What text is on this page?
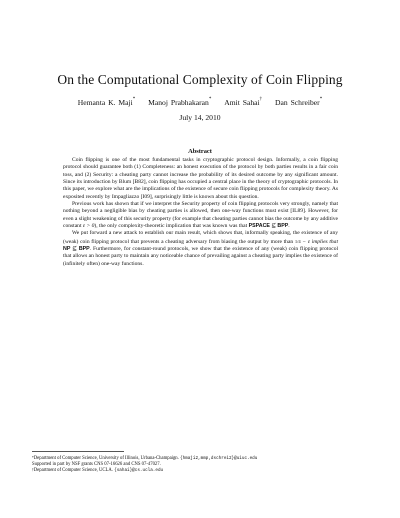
On the Computational Complexity of Coin Flipping
Hemanta K. Maji* Manoj Prabhakaran* Amit Sahai† Dan Schreiber*
July 14, 2010
Abstract

Coin flipping is one of the most fundamental tasks in cryptographic protocol design. Informally, a coin flipping protocol should guarantee both (1) Completeness: an honest execution of the protocol by both parties results in a fair coin toss, and (2) Security: a cheating party cannot increase the probability of its desired outcome by any significant amount. Since its introduction by Blum [B82], coin flipping has occupied a central place in the theory of cryptographic protocols. In this paper, we explore what are the implications of the existence of secure coin flipping protocols for complexity theory. As exposited recently by Impagliazzo [I09], surprisingly little is known about this question.

Previous work has shown that if we interpret the Security property of coin flipping protocols very strongly, namely that nothing beyond a negligible bias by cheating parties is allowed, then one-way functions must exist [IL89]. However, for even a slight weakening of this security property (for example that cheating parties cannot bias the outcome by any additive constant ε > 0), the only complexity-theoretic implication that was known was that PSPACE ⊈ BPP.

We put forward a new attack to establish our main result, which shows that, informally speaking, the existence of any (weak) coin flipping protocol that prevents a cheating adversary from biasing the output by more than 1/4 − ε implies that NP ⊈ BPP. Furthermore, for constant-round protocols, we show that the existence of any (weak) coin flipping protocol that allows an honest party to maintain any noticeable chance of prevailing against a cheating party implies the existence of (infinitely often) one-way functions.

*Department of Computer Science, University of Illinois, Urbana-Champaign. {hmaji2,mmp,dschrei2}@uiuc.edu
Supported in part by NSF grants CNS 07-16626 and CNS 07-47027.
†Department of Computer Science, UCLA. {sahai}@cs.ucla.edu
